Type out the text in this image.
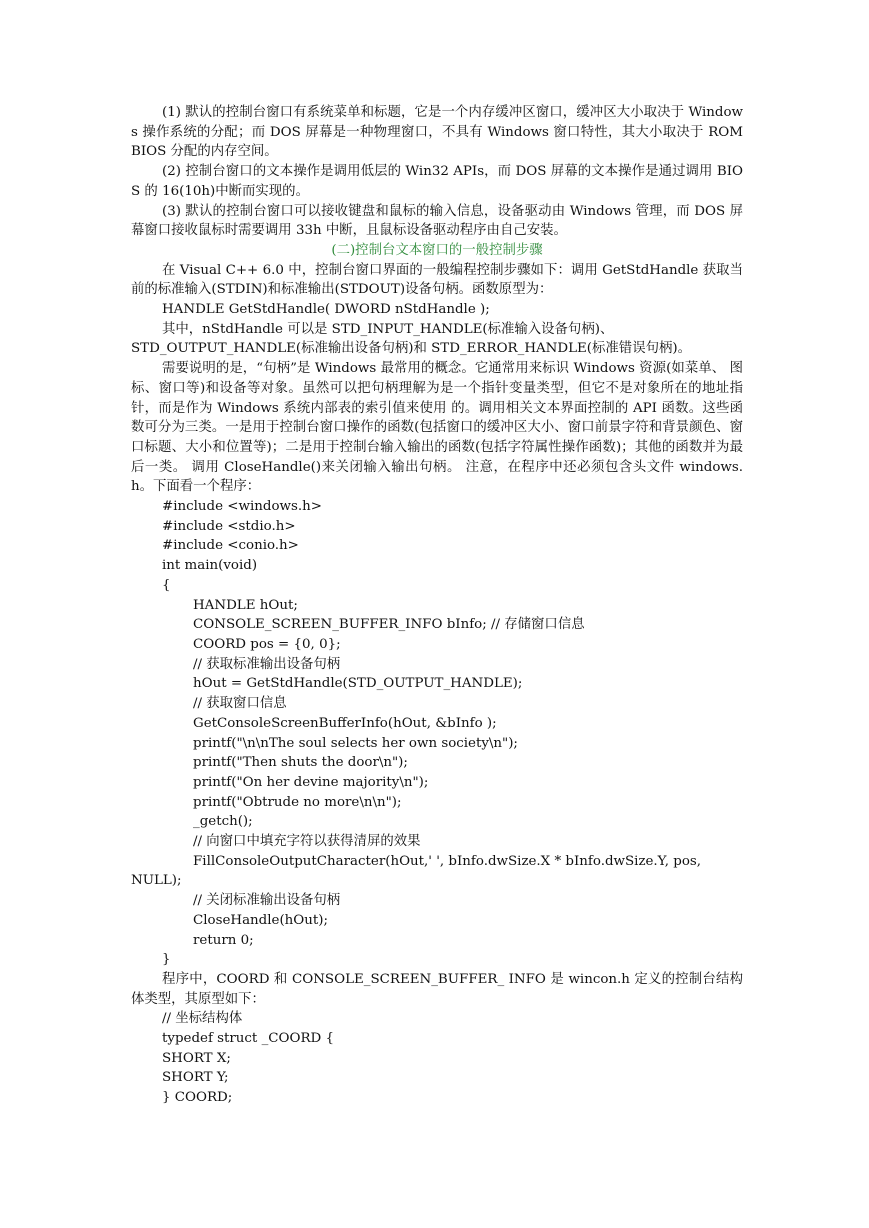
(1) 默认的控制台窗口有系统菜单和标题，它是一个内存缓冲区窗口，缓冲区大小取决于 Windows 操作系统的分配；而 DOS 屏幕是一种物理窗口，不具有 Windows 窗口特性，其大小取决于 ROM BIOS 分配的内存空间。

(2) 控制台窗口的文本操作是调用低层的 Win32 APIs，而 DOS 屏幕的文本操作是通过调用 BIOS 的 16(10h)中断而实现的。

(3) 默认的控制台窗口可以接收键盘和鼠标的输入信息，设备驱动由 Windows 管理，而 DOS 屏幕窗口接收鼠标时需要调用 33h 中断，且鼠标设备驱动程序由自己安装。

(二)控制台文本窗口的一般控制步骤

在 Visual C++ 6.0 中，控制台窗口界面的一般编程控制步骤如下：调用 GetStdHandle 获取当前的标准输入(STDIN)和标准输出(STDOUT)设备句柄。函数原型为：

HANDLE GetStdHandle( DWORD nStdHandle );

其中，nStdHandle 可以是 STD_INPUT_HANDLE(标准输入设备句柄)、

STD_OUTPUT_HANDLE(标准输出设备句柄)和 STD_ERROR_HANDLE(标准错误句柄)。

需要说明的是，“句柄”是 Windows 最常用的概念。它通常用来标识 Windows 资源(如菜单、 图标、窗口等)和设备等对象。虽然可以把句柄理解为是一个指针变量类型，但它不是对象所在的地址指针，而是作为 Windows 系统内部表的索引值来使用 的。调用相关文本界面控制的 API 函数。这些函数可分为三类。一是用于控制台窗口操作的函数(包括窗口的缓冲区大小、窗口前景字符和背景颜色、窗口标题、大小和位置等)；二是用于控制台输入输出的函数(包括字符属性操作函数)；其他的函数并为最后一类。 调用 CloseHandle()来关闭输入输出句柄。 注意，在程序中还必须包含头文件 windows.h。下面看一个程序：

#include <windows.h>

#include <stdio.h>

#include <conio.h>

int main(void)

{

HANDLE hOut;

CONSOLE_SCREEN_BUFFER_INFO bInfo; // 存储窗口信息

COORD pos = {0, 0};

// 获取标准输出设备句柄

hOut = GetStdHandle(STD_OUTPUT_HANDLE);

// 获取窗口信息

GetConsoleScreenBufferInfo(hOut, &bInfo );

printf("\n\nThe soul selects her own society\n");

printf("Then shuts the door\n");

printf("On her devine majority\n");

printf("Obtrude no more\n\n");

_getch();

// 向窗口中填充字符以获得清屏的效果

FillConsoleOutputCharacter(hOut,' ', bInfo.dwSize.X * bInfo.dwSize.Y, pos,

NULL);

// 关闭标准输出设备句柄

CloseHandle(hOut);

return 0;

}

程序中，COORD 和 CONSOLE_SCREEN_BUFFER_ INFO 是 wincon.h 定义的控制台结构体类型，其原型如下：

// 坐标结构体

typedef struct _COORD {

SHORT X;

SHORT Y;

} COORD;
